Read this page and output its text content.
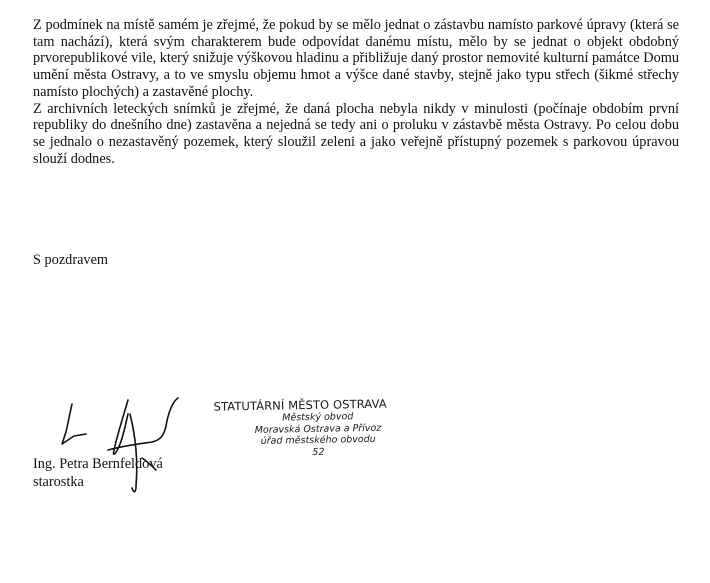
Z podmínek na místě samém je zřejmé, že pokud by se mělo jednat o zástavbu namísto parkové úpravy (která se tam nachází), která svým charakterem bude odpovídat danému místu, mělo by se jednat o objekt obdobný prvorepublikové vile, který snižuje výškovou hladinu a přibližuje daný prostor nemovité kulturní památce Domu umění města Ostravy, a to ve smyslu objemu hmot a výšce dané stavby, stejně jako typu střech (šikmé střechy namísto plochých) a zastavěné plochy.

Z archivních leteckých snímků je zřejmé, že daná plocha nebyla nikdy v minulosti (počínaje obdobím první republiky do dnešního dne) zastavěna a nejedná se tedy ani o proluku v zástavbě města Ostravy. Po celou dobu se jednalo o nezastavěný pozemek, který sloužil zeleni a jako veřejně přístupný pozemek s parkovou úpravou slouží dodnes.

S pozdravem
STATUTÁRNÍ MĚSTO OSTRAVA
Městský obvod
Moravská Ostrava a Přívoz
úřad městského obvodu
52
Ing. Petra Bernfeldová
starostka
